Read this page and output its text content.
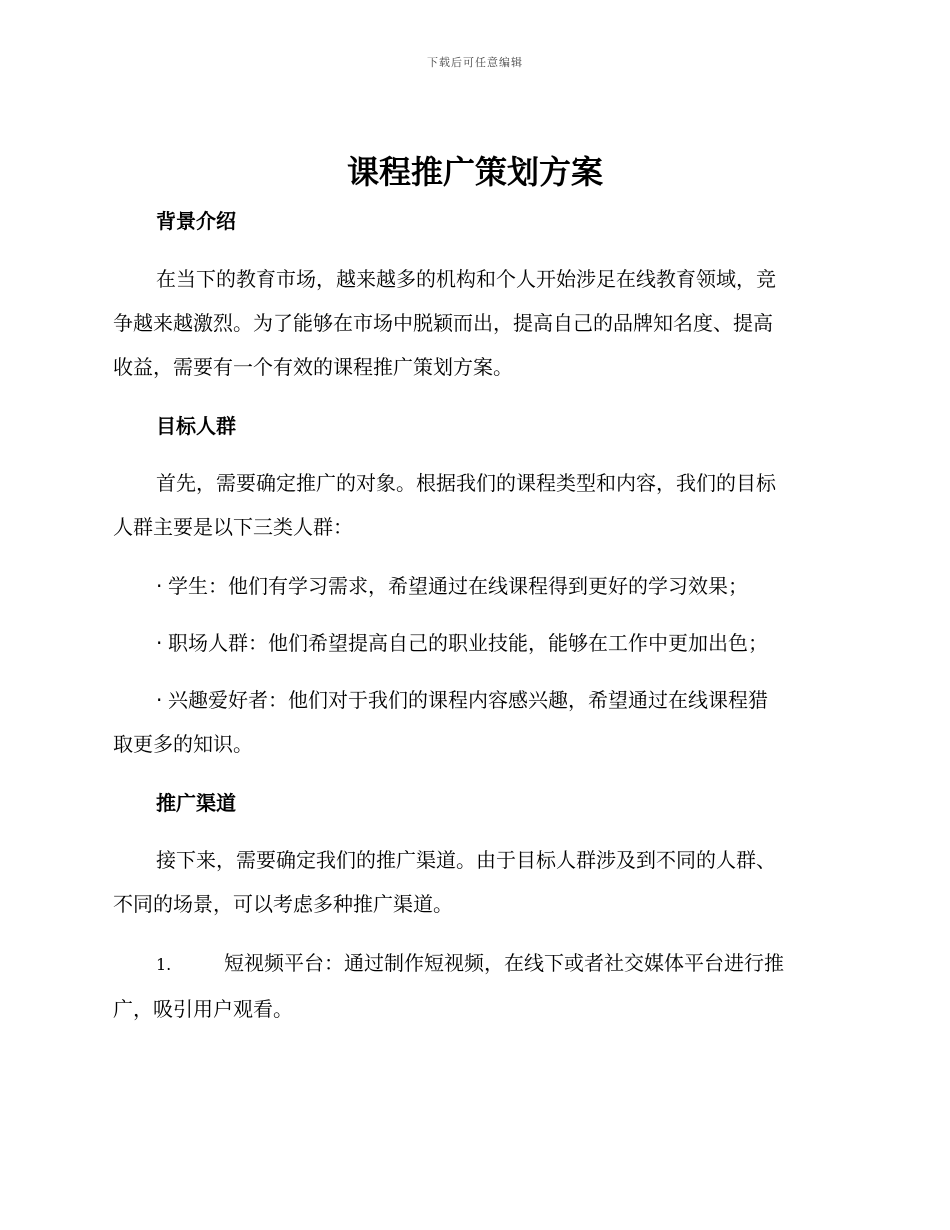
下载后可任意编辑
课程推广策划方案
背景介绍
在当下的教育市场，越来越多的机构和个人开始涉足在线教育领域，竞
争越来越激烈。为了能够在市场中脱颖而出，提高自己的品牌知名度、提高
收益，需要有一个有效的课程推广策划方案。
目标人群
首先，需要确定推广的对象。根据我们的课程类型和内容，我们的目标
人群主要是以下三类人群：
· 学生：他们有学习需求，希望通过在线课程得到更好的学习效果；
· 职场人群：他们希望提高自己的职业技能，能够在工作中更加出色；
· 兴趣爱好者：他们对于我们的课程内容感兴趣，希望通过在线课程猎
取更多的知识。
推广渠道
接下来，需要确定我们的推广渠道。由于目标人群涉及到不同的人群、
不同的场景，可以考虑多种推广渠道。
1.	短视频平台：通过制作短视频，在线下或者社交媒体平台进行推
广，吸引用户观看。
